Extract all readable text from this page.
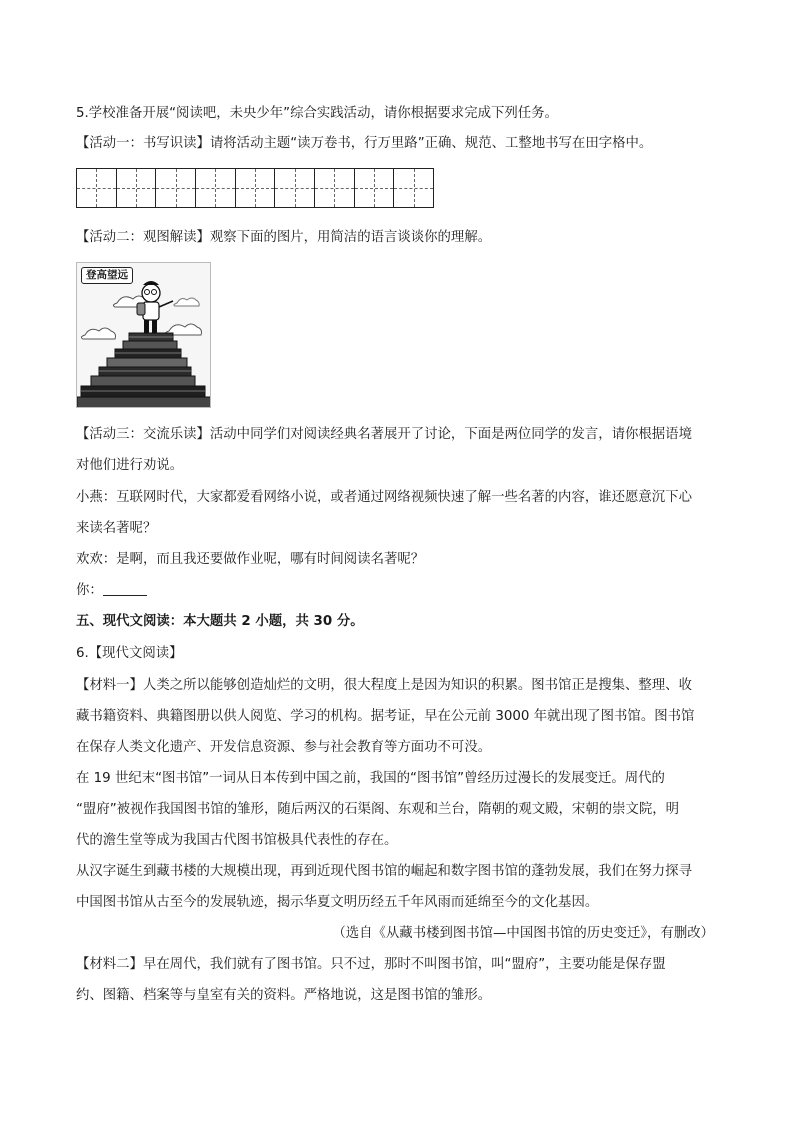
5.学校准备开展“阅读吧，未央少年”综合实践活动，请你根据要求完成下列任务。
【活动一：书写识读】请将活动主题“读万卷书，行万里路”正确、规范、工整地书写在田字格中。
【活动二：观图解读】观察下面的图片，用简洁的语言谈谈你的理解。
登高望远
【活动三：交流乐读】活动中同学们对阅读经典名著展开了讨论，下面是两位同学的发言，请你根据语境
对他们进行劝说。
小燕：互联网时代，大家都爱看网络小说，或者通过网络视频快速了解一些名著的内容，谁还愿意沉下心
来读名著呢？
欢欢：是啊，而且我还要做作业呢，哪有时间阅读名著呢？
你：
五、现代文阅读：本大题共 2 小题，共 30 分。
6.【现代文阅读】
【材料一】人类之所以能够创造灿烂的文明，很大程度上是因为知识的积累。图书馆正是搜集、整理、收
藏书籍资料、典籍图册以供人阅览、学习的机构。据考证，早在公元前 3000 年就出现了图书馆。图书馆
在保存人类文化遗产、开发信息资源、参与社会教育等方面功不可没。
在 19 世纪末“图书馆”一词从日本传到中国之前，我国的“图书馆”曾经历过漫长的发展变迁。周代的
“盟府”被视作我国图书馆的雏形，随后两汉的石渠阁、东观和兰台，隋朝的观文殿，宋朝的崇文院，明
代的澹生堂等成为我国古代图书馆极具代表性的存在。
从汉字诞生到藏书楼的大规模出现，再到近现代图书馆的崛起和数字图书馆的蓬勃发展，我们在努力探寻
中国图书馆从古至今的发展轨迹，揭示华夏文明历经五千年风雨而延绵至今的文化基因。
（选自《从藏书楼到图书馆—中国图书馆的历史变迁》，有删改）
【材料二】早在周代，我们就有了图书馆。只不过，那时不叫图书馆，叫“盟府”，主要功能是保存盟
约、图籍、档案等与皇室有关的资料。严格地说，这是图书馆的雏形。
